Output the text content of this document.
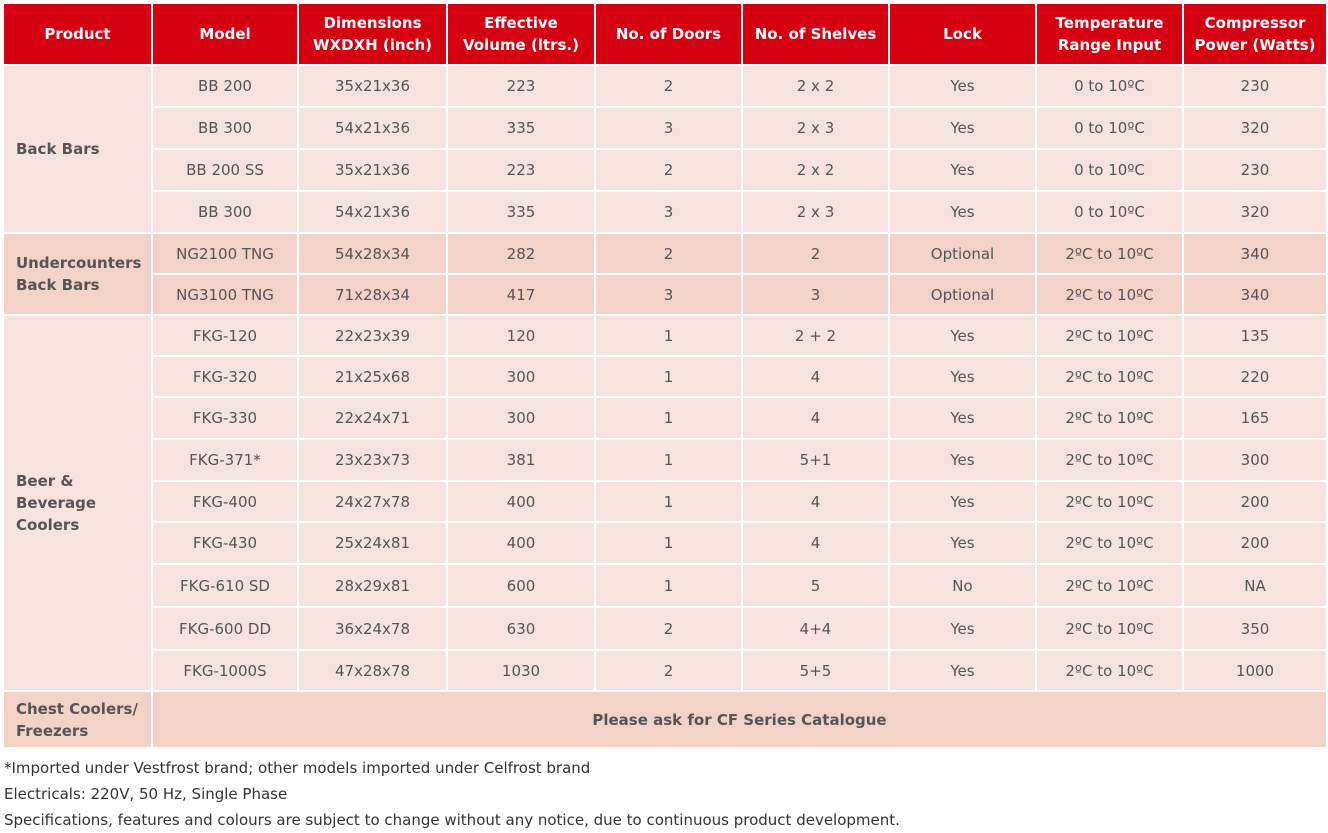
Product	Model	Dimensions WXDXH (inch)	Effective Volume (ltrs.)	No. of Doors	No. of Shelves	Lock	Temperature Range Input	Compressor Power (Watts)
Back Bars	BB 200	35x21x36	223	2	2 x 2	Yes	0 to 10ºC	230
	BB 300	54x21x36	335	3	2 x 3	Yes	0 to 10ºC	320
	BB 200 SS	35x21x36	223	2	2 x 2	Yes	0 to 10ºC	230
	BB 300	54x21x36	335	3	2 x 3	Yes	0 to 10ºC	320
Undercounters Back Bars	NG2100 TNG	54x28x34	282	2	2	Optional	2ºC to 10ºC	340
	NG3100 TNG	71x28x34	417	3	3	Optional	2ºC to 10ºC	340
Beer & Beverage Coolers	FKG-120	22x23x39	120	1	2 + 2	Yes	2ºC to 10ºC	135
	FKG-320	21x25x68	300	1	4	Yes	2ºC to 10ºC	220
	FKG-330	22x24x71	300	1	4	Yes	2ºC to 10ºC	165
	FKG-371*	23x23x73	381	1	5+1	Yes	2ºC to 10ºC	300
	FKG-400	24x27x78	400	1	4	Yes	2ºC to 10ºC	200
	FKG-430	25x24x81	400	1	4	Yes	2ºC to 10ºC	200
	FKG-610 SD	28x29x81	600	1	5	No	2ºC to 10ºC	NA
	FKG-600 DD	36x24x78	630	2	4+4	Yes	2ºC to 10ºC	350
	FKG-1000S	47x28x78	1030	2	5+5	Yes	2ºC to 10ºC	1000
Chest Coolers/ Freezers	Please ask for CF Series Catalogue							
*Imported under Vestfrost brand; other models imported under Celfrost brand
Electricals: 220V, 50 Hz, Single Phase
Specifications, features and colours are subject to change without any notice, due to continuous product development.
